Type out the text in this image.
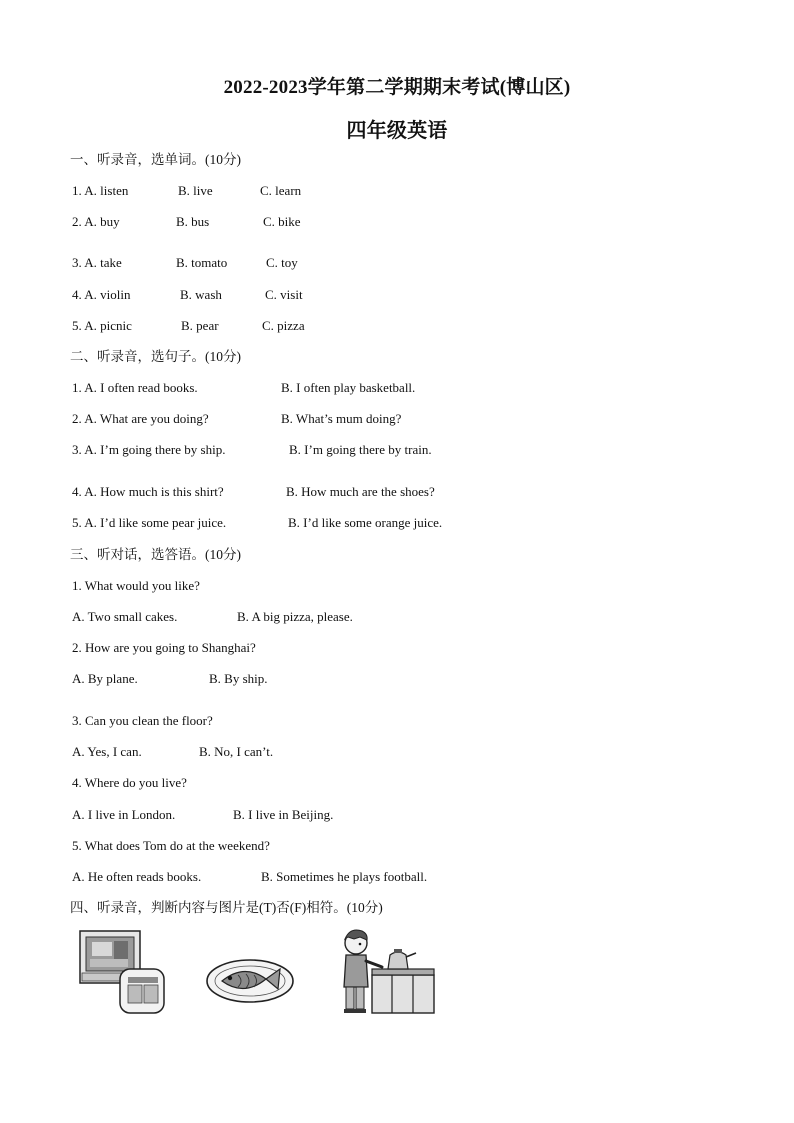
2022-2023学年第二学期期末考试(博山区)
四年级英语
一、听录音，选单词。(10分)
1. A. listen	B. live	C. learn
2. A. buy	B. bus	C. bike
3. A. take	B. tomato	C. toy
4. A. violin	B. wash	C. visit
5. A. picnic	B. pear	C. pizza
二、听录音，选句子。(10分)
1. A. I often read books.	B. I often play basketball.
2. A. What are you doing?	B. What’s mum doing?
3. A. I’m going there by ship.	B. I’m going there by train.
4. A. How much is this shirt?	B. How much are the shoes?
5. A. I’d like some pear juice.	B. I’d like some orange juice.
三、听对话，选答语。(10分)
1. What would you like?
A. Two small cakes.	B. A big pizza, please.
2. How are you going to Shanghai?
A. By plane.	B. By ship.
3. Can you clean the floor?
A. Yes, I can.	B. No, I can’t.
4. Where do you live?
A. I live in London.	B. I live in Beijing.
5. What does Tom do at the weekend?
A. He often reads books.	B. Sometimes he plays football.
四、听录音，判断内容与图片是(T)否(F)相符。(10分)
